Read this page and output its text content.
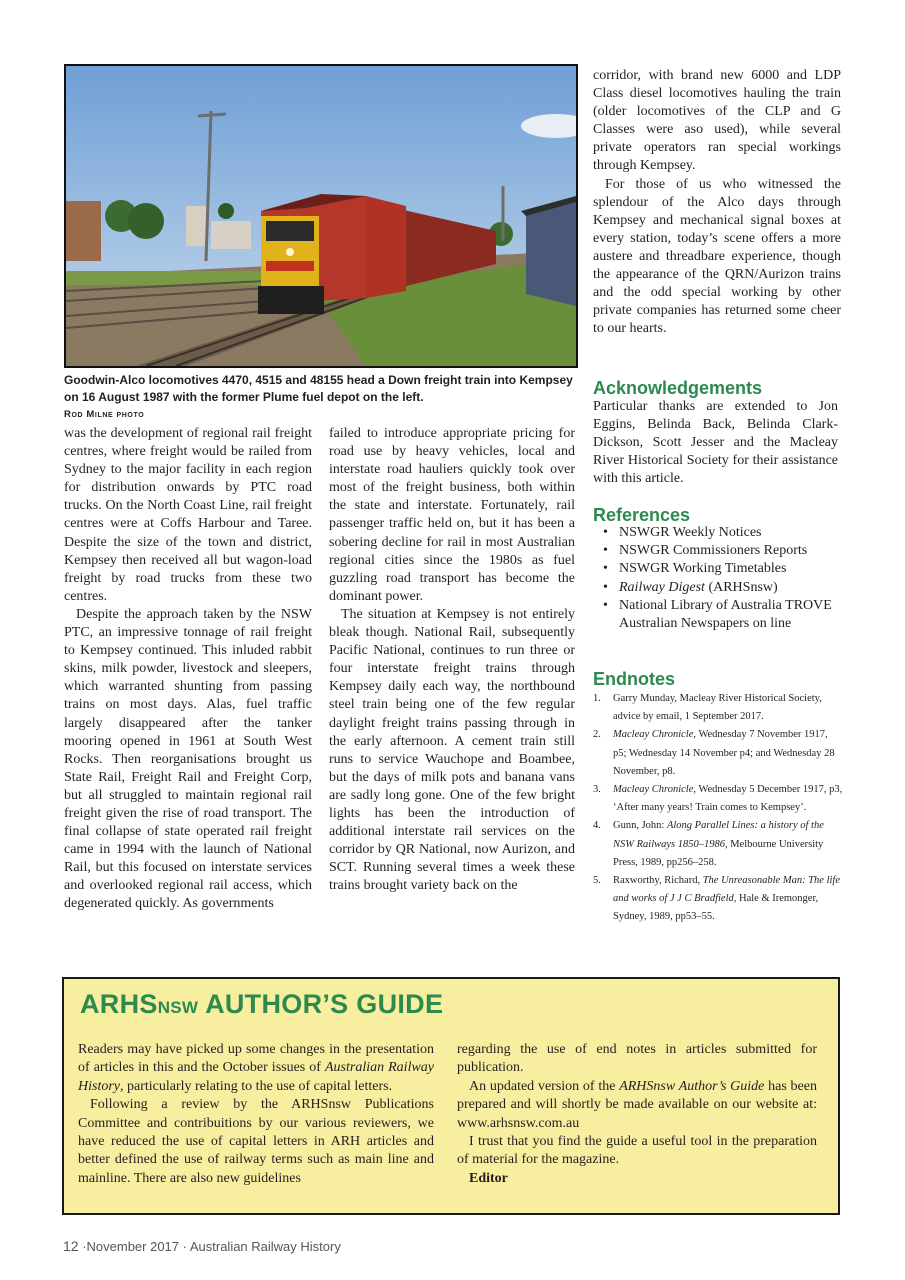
Goodwin-Alco locomotives 4470, 4515 and 48155 head a Down freight train into Kempsey on 16 August 1987 with the former Plume fuel depot on the left.
Rod Milne photo

was the development of regional rail freight centres, where freight would be railed from Sydney to the major facility in each region for distribution onwards by PTC road trucks. On the North Coast Line, rail freight centres were at Coffs Harbour and Taree. Despite the size of the town and district, Kempsey then received all but wagon-load freight by road trucks from these two centres.

Despite the approach taken by the NSW PTC, an impressive tonnage of rail freight to Kempsey continued. This inluded rabbit skins, milk powder, livestock and sleepers, which warranted shunting from passing trains on most days. Alas, fuel traffic largely disappeared after the tanker mooring opened in 1961 at South West Rocks. Then reorganisations brought us State Rail, Freight Rail and Freight Corp, but all struggled to maintain regional rail freight given the rise of road transport. The final collapse of state operated rail freight came in 1994 with the launch of National Rail, but this focused on interstate services and overlooked regional rail access, which degenerated quickly. As governments

failed to introduce appropriate pricing for road use by heavy vehicles, local and interstate road hauliers quickly took over most of the freight business, both within the state and interstate. Fortunately, rail passenger traffic held on, but it has been a sobering decline for rail in most Australian regional cities since the 1980s as fuel guzzling road transport has become the dominant power.

The situation at Kempsey is not entirely bleak though. National Rail, subsequently Pacific National, continues to run three or four interstate freight trains through Kempsey daily each way, the northbound steel train being one of the few regular daylight freight trains passing through in the early afternoon. A cement train still runs to service Wauchope and Boambee, but the days of milk pots and banana vans are sadly long gone. One of the few bright lights has been the introduction of additional interstate rail services on the corridor by QR National, now Aurizon, and SCT. Running several times a week these trains brought variety back on the

corridor, with brand new 6000 and LDP Class diesel locomotives hauling the train (older locomotives of the CLP and G Classes were aso used), while several private operators ran special workings through Kempsey.

For those of us who witnessed the splendour of the Alco days through Kempsey and mechanical signal boxes at every station, today’s scene offers a more austere and threadbare experience, though the appearance of the QRN/Aurizon trains and the odd special working by other private companies has returned some cheer to our hearts.

Acknowledgements
Particular thanks are extended to Jon Eggins, Belinda Back, Belinda Clark-Dickson, Scott Jesser and the Macleay River Historical Society for their assistance with this article.
References
• NSWGR Weekly Notices
• NSWGR Commissioners Reports
• NSWGR Working Timetables
• Railway Digest (ARHSnsw)
• National Library of Australia TROVE Australian Newspapers on line
Endnotes
1. Garry Munday, Macleay River Historical Society, advice by email, 1 September 2017.
2. Macleay Chronicle, Wednesday 7 November 1917, p5; Wednesday 14 November p4; and Wednesday 28 November, p8.
3. Macleay Chronicle, Wednesday 5 December 1917, p3, ‘After many years! Train comes to Kempsey’.
4. Gunn, John: Along Parallel Lines: a history of the NSW Railways 1850–1986, Melbourne University Press, 1989, pp256–258.
5. Raxworthy, Richard, The Unreasonable Man: The life and works of J J C Bradfield, Hale & Iremonger, Sydney, 1989, pp53–55.
ARHSNSW AUTHOR’S GUIDE

Readers may have picked up some changes in the presentation of articles in this and the October issues of Australian Railway History, particularly relating to the use of capital letters.

Following a review by the ARHSnsw Publications Committee and contribuitions by our various reviewers, we have reduced the use of capital letters in ARH articles and better defined the use of railway terms such as main line and mainline. There are also new guidelines

regarding the use of end notes in articles submitted for publication.

An updated version of the ARHSnsw Author’s Guide has been prepared and will shortly be made available on our website at: www.arhsnsw.com.au

I trust that you find the guide a useful tool in the preparation of material for the magazine.

Editor

12 ·November 2017 · Australian Railway History
